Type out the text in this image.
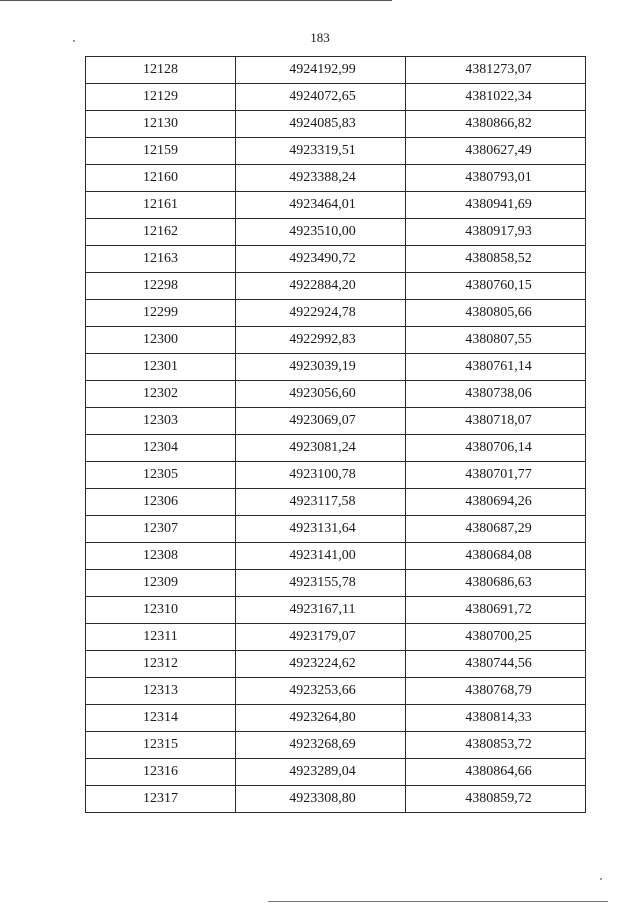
183
12128	4924192,99	4381273,07
12129	4924072,65	4381022,34
12130	4924085,83	4380866,82
12159	4923319,51	4380627,49
12160	4923388,24	4380793,01
12161	4923464,01	4380941,69
12162	4923510,00	4380917,93
12163	4923490,72	4380858,52
12298	4922884,20	4380760,15
12299	4922924,78	4380805,66
12300	4922992,83	4380807,55
12301	4923039,19	4380761,14
12302	4923056,60	4380738,06
12303	4923069,07	4380718,07
12304	4923081,24	4380706,14
12305	4923100,78	4380701,77
12306	4923117,58	4380694,26
12307	4923131,64	4380687,29
12308	4923141,00	4380684,08
12309	4923155,78	4380686,63
12310	4923167,11	4380691,72
12311	4923179,07	4380700,25
12312	4923224,62	4380744,56
12313	4923253,66	4380768,79
12314	4923264,80	4380814,33
12315	4923268,69	4380853,72
12316	4923289,04	4380864,66
12317	4923308,80	4380859,72
